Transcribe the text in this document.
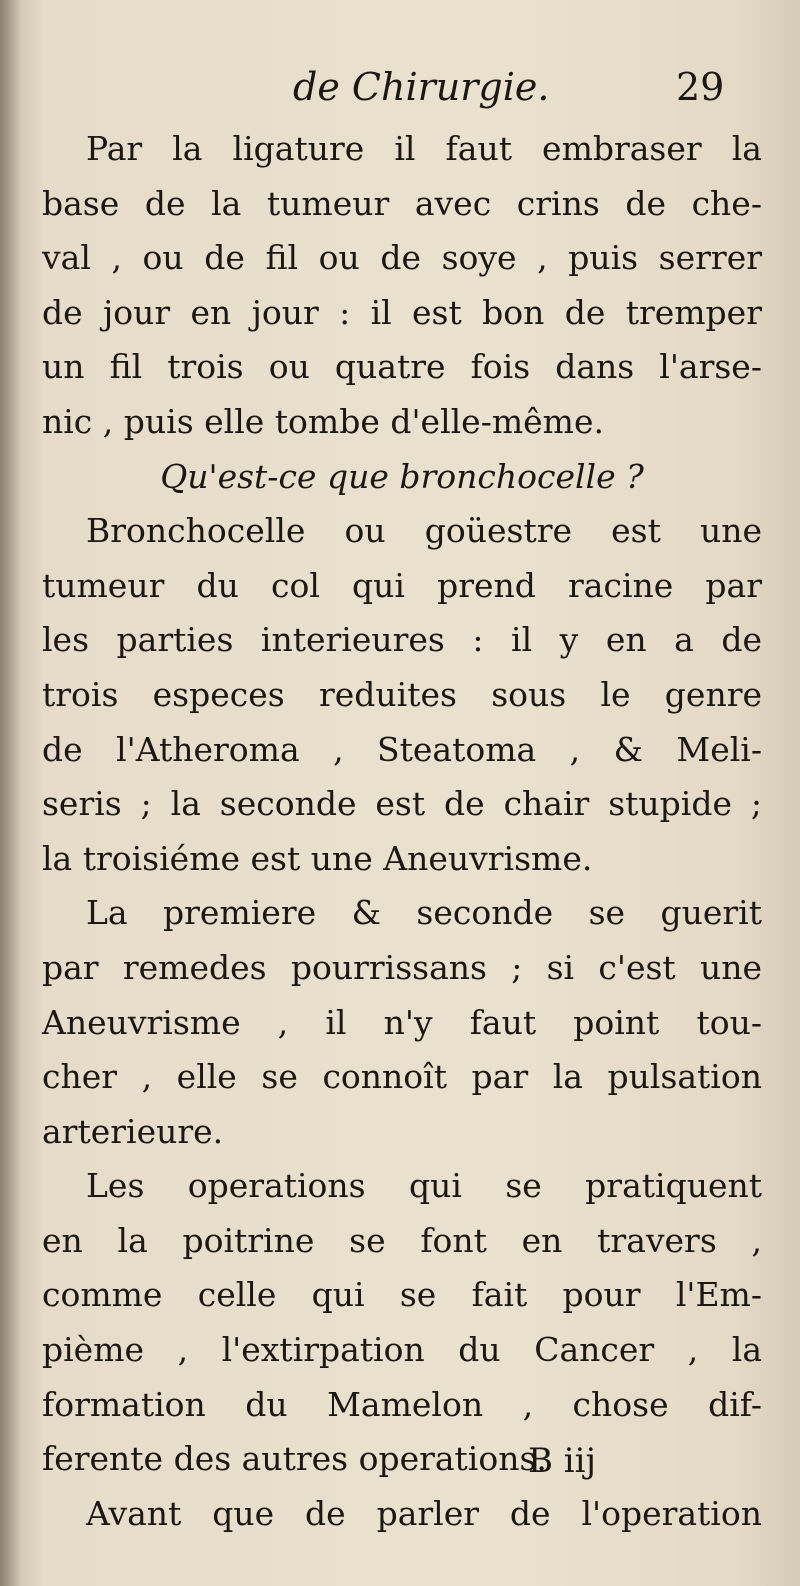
de Chirurgie.	29
Par la ligature il faut embraser la
base de la tumeur avec crins de che-
val , ou de fil ou de soye , puis serrer
de jour en jour : il est bon de tremper
un fil trois ou quatre fois dans l'arse-
nic , puis elle tombe d'elle-même.
Qu'est-ce que bronchocelle ?
Bronchocelle ou goüestre est une
tumeur du col qui prend racine par
les parties interieures : il y en a de
trois especes reduites sous le genre
de l'Atheroma , Steatoma , & Meli-
seris ; la seconde est de chair stupide ;
la troisiéme est une Aneuvrisme.
La premiere & seconde se guerit
par remedes pourrissans ; si c'est une
Aneuvrisme , il n'y faut point tou-
cher , elle se connoît par la pulsation
arterieure.
Les operations qui se pratiquent
en la poitrine se font en travers ,
comme celle qui se fait pour l'Em-
pième , l'extirpation du Cancer , la
formation du Mamelon , chose dif-
ferente des autres operations.
Avant que de parler de l'operation
B iij
